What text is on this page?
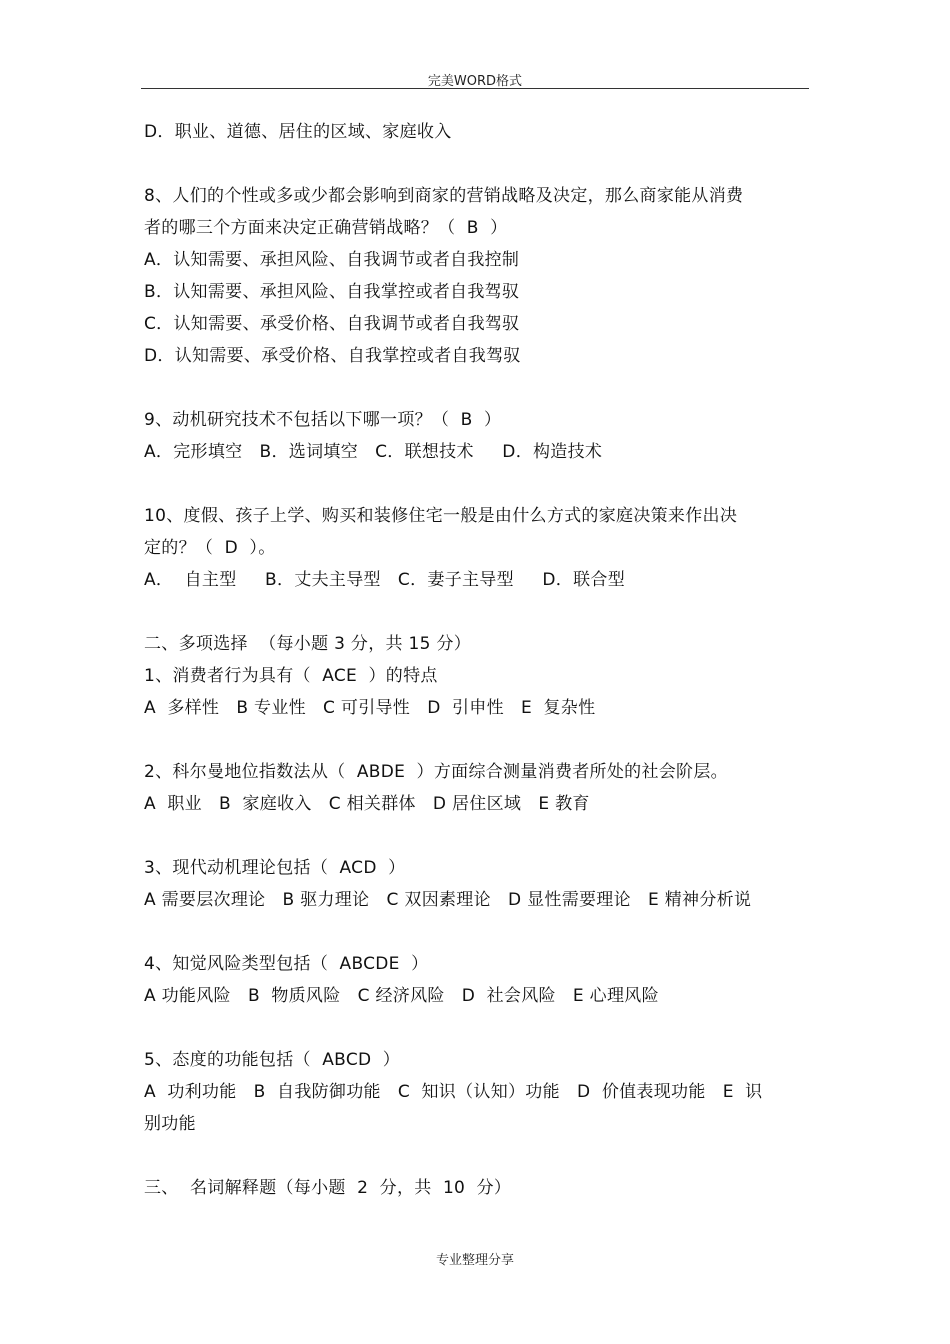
完美WORD格式
D．职业、道德、居住的区域、家庭收入
8、人们的个性或多或少都会影响到商家的营销战略及决定，那么商家能从消费
者的哪三个方面来决定正确营销战略？（  B  ）
A．认知需要、承担风险、自我调节或者自我控制
B．认知需要、承担风险、自我掌控或者自我驾驭
C．认知需要、承受价格、自我调节或者自我驾驭
D．认知需要、承受价格、自我掌控或者自我驾驭
9、动机研究技术不包括以下哪一项？（  B  ）
A．完形填空   B．选词填空   C．联想技术     D．构造技术
10、度假、孩子上学、购买和装修住宅一般是由什么方式的家庭决策来作出决
定的？（  D  ）。
A．  自主型     B．丈夫主导型   C．妻子主导型     D．联合型
二、多项选择  （每小题 3 分，共 15 分）
1、消费者行为具有（  ACE  ）的特点
A  多样性   B 专业性   C 可引导性   D  引申性   E  复杂性
2、科尔曼地位指数法从（  ABDE  ）方面综合测量消费者所处的社会阶层。
A  职业   B  家庭收入   C 相关群体   D 居住区域   E 教育
3、现代动机理论包括（  ACD  ）
A 需要层次理论   B 驱力理论   C 双因素理论   D 显性需要理论   E 精神分析说
4、知觉风险类型包括（  ABCDE  ）
A 功能风险   B  物质风险   C 经济风险   D  社会风险   E 心理风险
5、态度的功能包括（  ABCD  ）
A  功利功能   B  自我防御功能   C  知识（认知）功能   D  价值表现功能   E  识
别功能
三、  名词解释题（每小题  2  分，共  10  分）
专业整理分享
